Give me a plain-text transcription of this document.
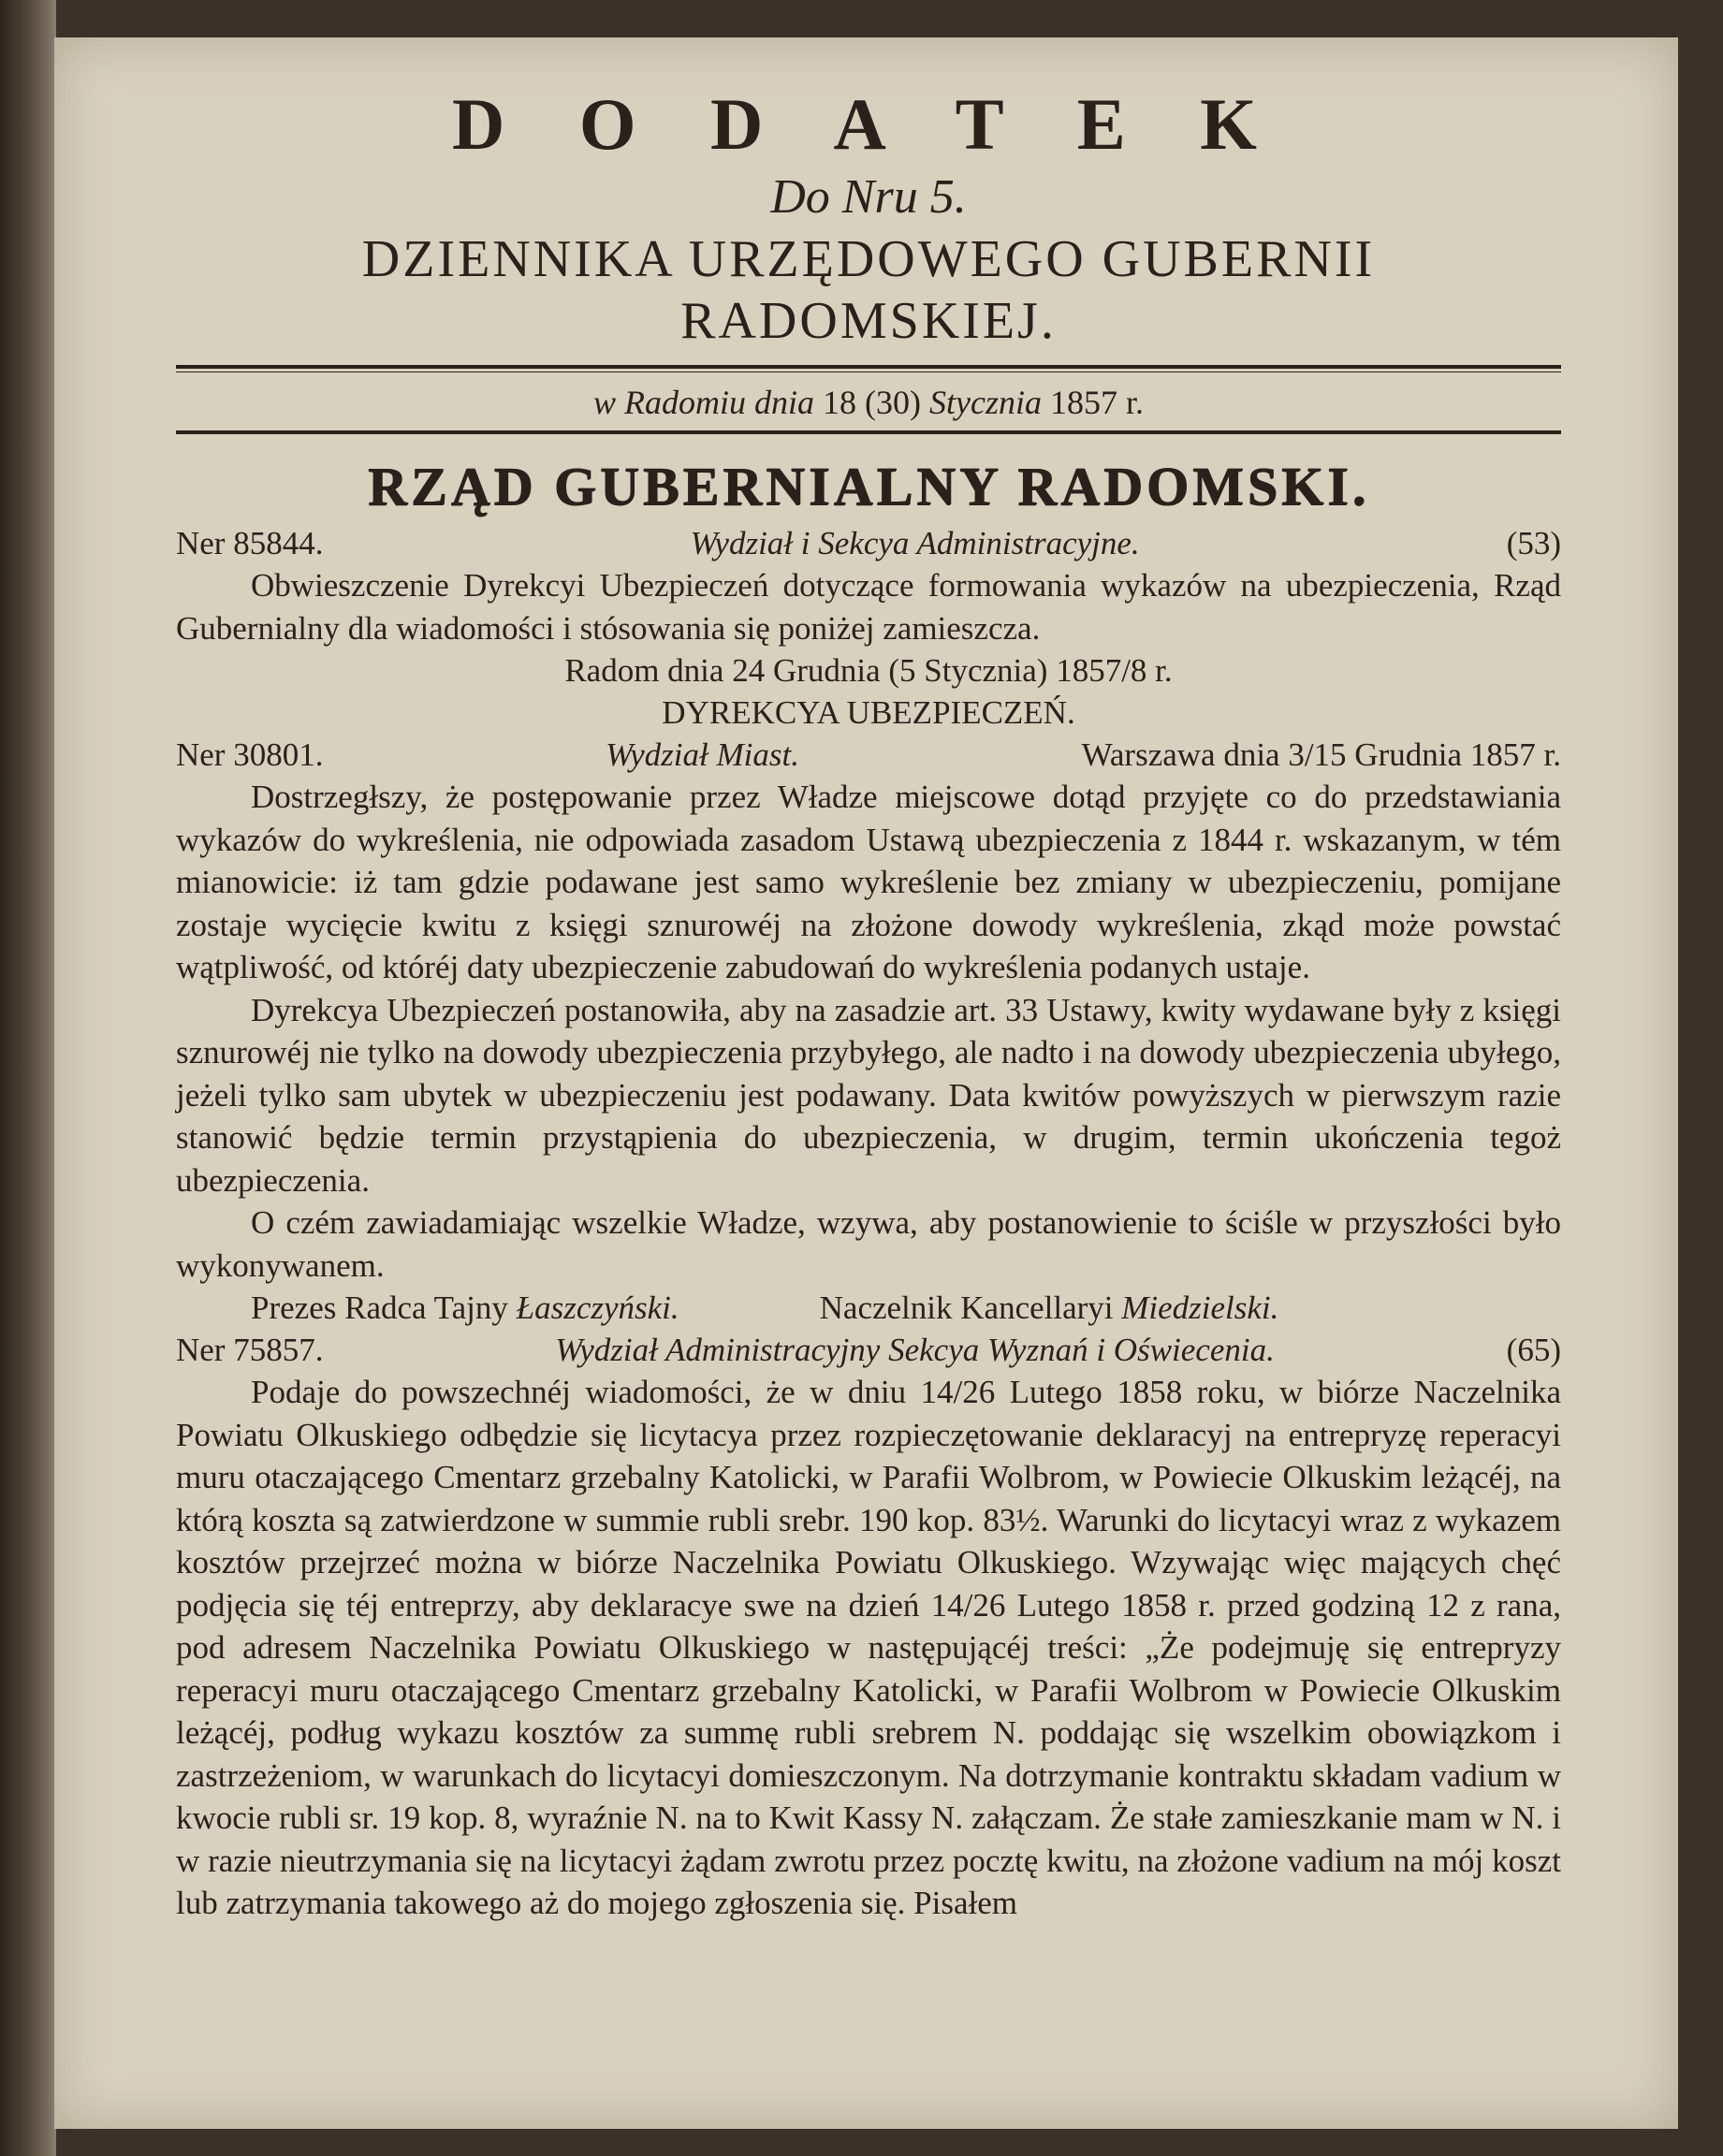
D O D A T E K
Do Nru 5.
DZIENNIKA URZĘDOWEGO GUBERNII RADOMSKIEJ.
w Radomiu dnia 18 (30) Stycznia 1857 r.
RZĄD GUBERNIALNY RADOMSKI.
Ner 85844.	Wydział i Sekcya Administracyjne.	(53)

Obwieszczenie Dyrekcyi Ubezpieczeń dotyczące formowania wykazów na ubezpieczenia, Rząd Gubernialny dla wiadomości i stósowania się poniżej zamieszcza.

Radom dnia 24 Grudnia (5 Stycznia) 1857/8 r.
DYREKCYA UBEZPIECZEŃ.
Ner 30801.	Wydział Miast.	Warszawa dnia 3/15 Grudnia 1857 r.

Dostrzegłszy, że postępowanie przez Władze miejscowe dotąd przyjęte co do przedstawiania wykazów do wykreślenia, nie odpowiada zasadom Ustawą ubezpieczenia z 1844 r. wskazanym, w tém mianowicie: iż tam gdzie podawane jest samo wykreślenie bez zmiany w ubezpieczeniu, pomijane zostaje wycięcie kwitu z księgi sznurowéj na złożone dowody wykreślenia, zkąd może powstać wątpliwość, od któréj daty ubezpieczenie zabudowań do wykreślenia podanych ustaje.

Dyrekcya Ubezpieczeń postanowiła, aby na zasadzie art. 33 Ustawy, kwity wydawane były z księgi sznurowéj nie tylko na dowody ubezpieczenia przybyłego, ale nadto i na dowody ubezpieczenia ubyłego, jeżeli tylko sam ubytek w ubezpieczeniu jest podawany. Data kwitów powyższych w pierwszym razie stanowić będzie termin przystąpienia do ubezpieczenia, w drugim, termin ukończenia tegoż ubezpieczenia.

O czém zawiadamiając wszelkie Władze, wzywa, aby postanowienie to ściśle w przyszłości było wykonywanem.

Prezes Radca Tajny Łaszczyński.	Naczelnik Kancellaryi Miedzielski.
Ner 75857.	Wydział Administracyjny Sekcya Wyznań i Oświecenia.	(65)

Podaje do powszechnéj wiadomości, że w dniu 14/26 Lutego 1858 roku, w biórze Naczelnika Powiatu Olkuskiego odbędzie się licytacya przez rozpieczętowanie deklaracyj na entrepryzę reperacyi muru otaczającego Cmentarz grzebalny Katolicki, w Parafii Wolbrom, w Powiecie Olkuskim leżącéj, na którą koszta są zatwierdzone w summie rubli srebr. 190 kop. 83½. Warunki do licytacyi wraz z wykazem kosztów przejrzeć można w biórze Naczelnika Powiatu Olkuskiego. Wzywając więc mających chęć podjęcia się téj entreprzy, aby deklaracye swe na dzień 14/26 Lutego 1858 r. przed godziną 12 z rana, pod adresem Naczelnika Powiatu Olkuskiego w następującéj treści: „Że podejmuję się entrepryzy reperacyi muru otaczającego Cmentarz grzebalny Katolicki, w Parafii Wolbrom w Powiecie Olkuskim leżącéj, podług wykazu kosztów za summę rubli srebrem N. poddając się wszelkim obowiązkom i zastrzeżeniom, w warunkach do licytacyi domieszczonym. Na dotrzymanie kontraktu składam vadium w kwocie rubli sr. 19 kop. 8, wyraźnie N. na to Kwit Kassy N. załączam. Że stałe zamieszkanie mam w N. i w razie nieutrzymania się na licytacyi żądam zwrotu przez pocztę kwitu, na złożone vadium na mój koszt lub zatrzymania takowego aż do mojego zgłoszenia się. Pisałem
